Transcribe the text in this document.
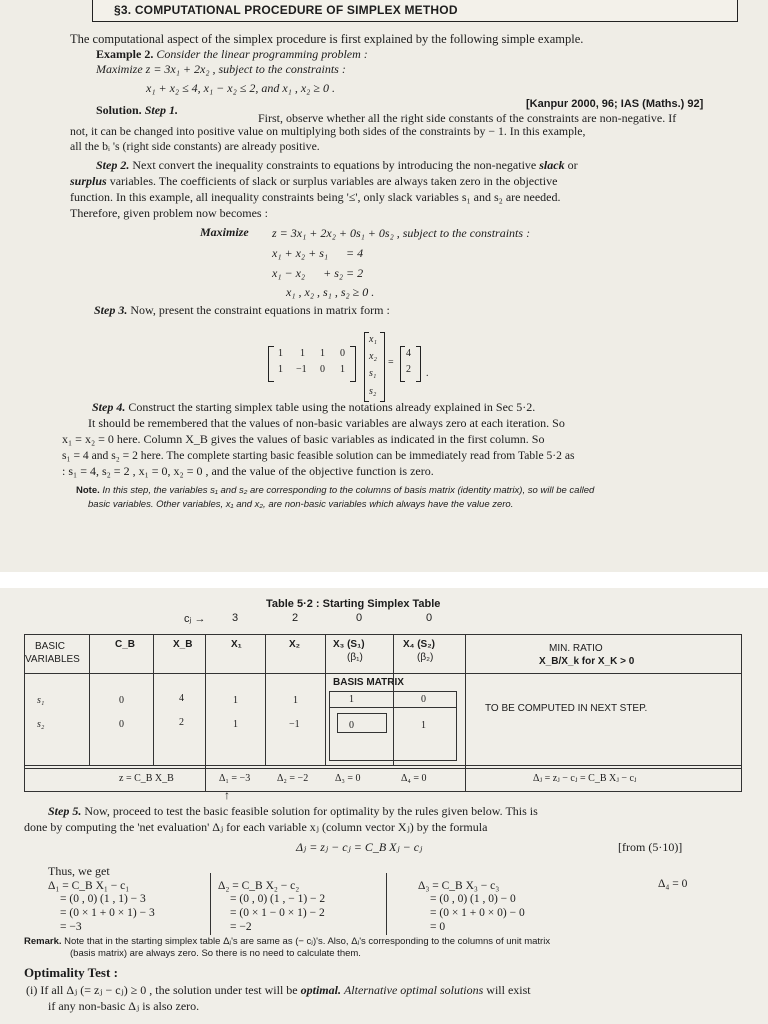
§3. COMPUTATIONAL PROCEDURE OF SIMPLEX METHOD
The computational aspect of the simplex procedure is first explained by the following simple example.
Example 2. Consider the linear programming problem :
Maximize z = 3x₁ + 2x₂ , subject to the constraints :
x₁ + x₂ ≤ 4, x₁ − x₂ ≤ 2, and x₁ , x₂ ≥ 0 .
[Kanpur 2000, 96; IAS (Maths.) 92]
Solution. Step 1.
First, observe whether all the right side constants of the constraints are non-negative. If
not, it can be changed into positive value on multiplying both sides of the constraints by − 1. In this example,
all the bᵢ 's (right side constants) are already positive.
Step 2. Next convert the inequality constraints to equations by introducing the non-negative slack or
surplus variables. The coefficients of slack or surplus variables are always taken zero in the objective
function. In this example, all inequality constraints being '≤', only slack variables s₁ and s₂ are needed.
Therefore, given problem now becomes :
Maximize z = 3x₁ + 2x₂ + 0s₁ + 0s₂ , subject to the constraints :
x₁ + x₂ + s₁      = 4
x₁ − x₂      + s₂ = 2
x₁ , x₂ , s₁ , s₂ ≥ 0 .
Step 3. Now, present the constraint equations in matrix form :
1 1 1 0
1 −1 0 1
x₁
x₂
s₁
s₂
=
4
2 .
Step 4. Construct the starting simplex table using the notations already explained in Sec 5·2.
It should be remembered that the values of non-basic variables are always zero at each iteration. So
x₁ = x₂ = 0 here. Column X_B gives the values of basic variables as indicated in the first column. So
s₁ = 4 and s₂ = 2 here. The complete starting basic feasible solution can be immediately read from Table 5·2 as
: s₁ = 4, s₂ = 2 , x₁ = 0, x₂ = 0 , and the value of the objective function is zero.
Note. In this step, the variables s₁ and s₂ are corresponding to the columns of basis matrix (identity matrix), so will be called
basic variables. Other variables, x₁ and x₂, are non-basic variables which always have the value zero.
Table 5·2 : Starting Simplex Table
cⱼ → 3	2	0	0
BASIC
VARIABLES
C_B	X_B	X₁	X₂	X₃ (S₁)
(β₁)
X₄ (S₂)
(β₂)
MIN. RATIO
X_B/X_k for X_K > 0
BASIS MATRIX
s₁	0	4	1	1	1	0
TO BE COMPUTED IN NEXT STEP.
s₂	0	2	1	−1	0	1
z = C_B X_B	Δ₁ = −3	Δ₂ = −2	Δ₃ = 0	Δ₄ = 0	Δⱼ = zⱼ − cⱼ = C_B Xⱼ − cⱼ
↑
Step 5. Now, proceed to test the basic feasible solution for optimality by the rules given below. This is
done by computing the 'net evaluation' Δⱼ for each variable xⱼ (column vector Xⱼ) by the formula
Δⱼ = zⱼ − cⱼ = C_B Xⱼ − cⱼ	[from (5·10)]
Thus, we get
Δ₁ = C_B X₁ − c₁
= (0 , 0) (1 , 1) − 3
= (0 × 1 + 0 × 1) − 3
= −3
Δ₂ = C_B X₂ − c₂
= (0 , 0) (1 , − 1) − 2
= (0 × 1 − 0 × 1) − 2
= −2
Δ₃ = C_B X₃ − c₃
= (0 , 0) (1 , 0) − 0
= (0 × 1 + 0 × 0) − 0
= 0
Δ₄ = 0
Remark. Note that in the starting simplex table Δⱼ's are same as (− cⱼ)'s. Also, Δⱼ's corresponding to the columns of unit matrix
(basis matrix) are always zero. So there is no need to calculate them.
Optimality Test :
(i) If all Δⱼ (= zⱼ − cⱼ) ≥ 0 , the solution under test will be optimal. Alternative optimal solutions will exist
if any non-basic Δⱼ is also zero.
